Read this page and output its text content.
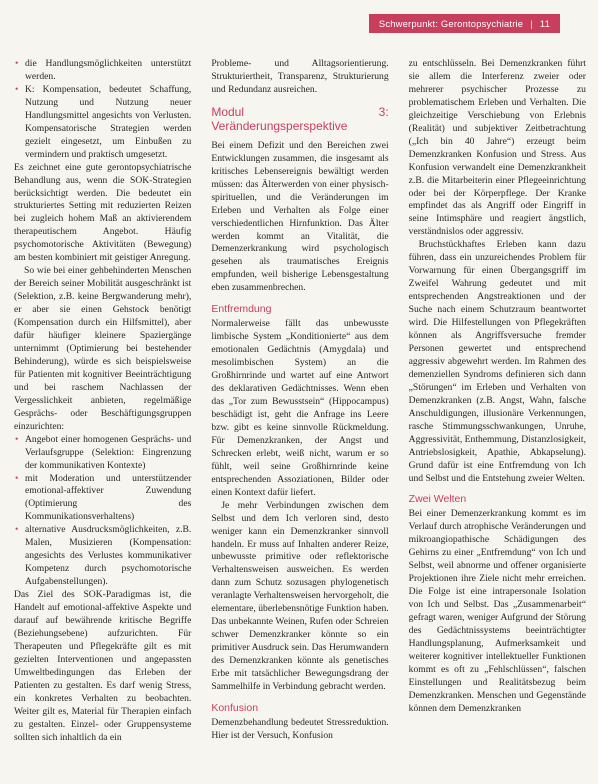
Schwerpunkt: Gerontopsychiatrie | 11
• die Handlungsmöglichkeiten unterstützt werden.
• K: Kompensation, bedeutet Schaffung, Nutzung und Nutzung neuer Handlungsmittel angesichts von Verlusten. Kompensatorische Strategien werden gezielt eingesetzt, um Einbußen zu vermindern und praktisch umgesetzt.

Es zeichnet eine gute gerontopsychiatrische Behandlung aus, wenn die SOK-Strategien berücksichtigt werden. Die bedeutet ein strukturiertes Setting mit reduzierten Reizen bei zugleich hohem Maß an aktivierendem therapeutischem Angebot. Häufig psychomotorische Aktivitäten (Bewegung) am besten kombiniert mit geistiger Anregung.

So wie bei einer gehbehinderten Menschen der Bereich seiner Mobilität ausgeschränkt ist (Selektion, z.B. keine Bergwanderung mehr), er aber sie einen Gehstock benötigt (Kompensation durch ein Hilfsmittel), aber dafür häufiger kleinere Spaziergänge unternimmt (Optimierung bei bestehender Behinderung), würde es sich beispielsweise für Patienten mit kognitiver Beeinträchtigung und bei raschem Nachlassen der Vergesslichkeit anbieten, regelmäßige Gesprächs- oder Beschäftigungsgruppen einzurichten:

• Angebot einer homogenen Gesprächs- und Verlaufsgruppe (Selektion: Eingrenzung der kommunikativen Kontexte)
• mit Moderation und unterstützender emotional-affektiver Zuwendung (Optimierung des Kommunikationsverhaltens)
• alternative Ausdrucksmöglichkeiten, z.B. Malen, Musizieren (Kompensation: angesichts des Verlustes kommunikativer Kompetenz durch psychomotorische Aufgabenstellungen).

Das Ziel des SOK-Paradigmas ist, die Handelt auf emotional-affektive Aspekte und darauf auf bewährende kritische Begriffe (Beziehungsebene) aufzurichten. Für Therapeuten und Pflegekräfte gilt es mit gezielten Interventionen und angepassten Umweltbedingungen das Erleben der Patienten zu gestalten. Es darf wenig Stress, ein konkretes Verhalten zu beobachten. Weiter gilt es, Material für Therapien einfach zu gestalten. Einzel- oder Gruppensysteme sollten sich inhaltlich da ein

Probleme- und Alltagsorientierung. Strukturiertheit, Transparenz, Strukturierung und Redundanz ausreichen.

Modul 3: Veränderungsperspektive

Bei einem Defizit und den Bereichen zwei Entwicklungen zusammen, die insgesamt als kritisches Lebensereignis bewältigt werden müssen: das Älterwerden von einer physisch-spirituellen, und die Veränderungen im Erleben und Verhalten als Folge einer verschiedentlichen Hirnfunktion. Das Älter werden kommt an Vitalität, die Demenzerkrankung wird psychologisch gesehen als traumatisches Ereignis empfunden, weil bisherige Lebensgestaltung eben zusammenbrechen.

Entfremdung

Normalerweise fällt das unbewusste limbische System „Konditionierte“ aus dem emotionalen Gedächtnis (Amygdala) und mesolimbischen System) an die Großhirnrinde und wartet auf eine Antwort des deklarativen Gedächtnisses. Wenn eben das „Tor zum Bewusstsein“ (Hippocampus) beschädigt ist, geht die Anfrage ins Leere bzw. gibt es keine sinnvolle Rückmeldung. Für Demenzkranken, der Angst und Schrecken erlebt, weiß nicht, warum er so fühlt, weil seine Großhirnrinde keine entsprechenden Assoziationen, Bilder oder einen Kontext dafür liefert.

Je mehr Verbindungen zwischen dem Selbst und dem Ich verloren sind, desto weniger kann ein Demenzkranker sinnvoll handeln. Er muss auf Inhalten anderer Reize, unbewusste primitive oder reflektorische Verhaltensweisen ausweichen. Es werden dann zum Schutz sozusagen phylogenetisch veranlagte Verhaltensweisen hervorgeholt, die elementare, überlebensnötige Funktion haben. Das unbekannte Weinen, Rufen oder Schreien schwer Demenzkranker könnte so ein primitiver Ausdruck sein. Das Herumwandern des Demenzkranken könnte als genetisches Erbe mit tatsächlicher Bewegungsdrang der Sammelhilfe in Verbindung gebracht werden.

Konfusion

Demenzbehandlung bedeutet Stressreduktion. Hier ist der Versuch, Konfusion

zu entschlüsseln. Bei Demenzkranken führt sie allem die Interferenz zweier oder mehrerer psychischer Prozesse zu problematischem Erleben und Verhalten. Die gleichzeitige Verschiebung von Erlebnis (Realität) und subjektiver Zeitbetrachtung („Ich bin 40 Jahre“) erzeugt beim Demenzkranken Konfusion und Stress. Aus Konfusion verwandelt eine Demenzkrankheit z.B. die Mitarbeiterin einer Pflegeeinrichtung oder bei der Körperpflege. Der Kranke empfindet das als Angriff oder Eingriff in seine Intimsphäre und reagiert ängstlich, verständnislos oder aggressiv.

Bruchstückhaftes Erleben kann dazu führen, dass ein unzureichendes Problem für Vorwarnung für einen Übergangsgriff im Zweifel Wahrung gedeutet und mit entsprechenden Angstreaktionen und der Suche nach einem Schutzraum beantwortet wird. Die Hilfestellungen von Pflegekräften können als Angriffsversuche fremder Personen gewertet und entsprechend aggressiv abgewehrt werden. Im Rahmen des demenziellen Syndroms definieren sich dann „Störungen“ im Erleben und Verhalten von Demenzkranken (z.B. Angst, Wahn, falsche Anschuldigungen, illusionäre Verkennungen, rasche Stimmungsschwankungen, Unruhe, Aggressivität, Enthemmung, Distanzlosigkeit, Antriebslosigkeit, Apathie, Abkapselung). Grund dafür ist eine Entfremdung von Ich und Selbst und die Entstehung zweier Welten.

Zwei Welten

Bei einer Demenzerkrankung kommt es im Verlauf durch atrophische Veränderungen und mikroangiopathische Schädigungen des Gehirns zu einer „Entfremdung“ von Ich und Selbst, weil abnorme und offener organisierte Projektionen ihre Ziele nicht mehr erreichen. Die Folge ist eine intrapersonale Isolation von Ich und Selbst. Das „Zusammenarbeit“ gefragt waren, weniger Aufgrund der Störung des Gedächtnissystems beeinträchtigter Handlungsplanung, Aufmerksamkeit und weiterer kognitiver intellektueller Funktionen kommt es oft zu „Fehlschlüssen“, falschen Einstellungen und Realitätsbezug beim Demenzkranken. Menschen und Gegenstände können dem Demenzkranken
